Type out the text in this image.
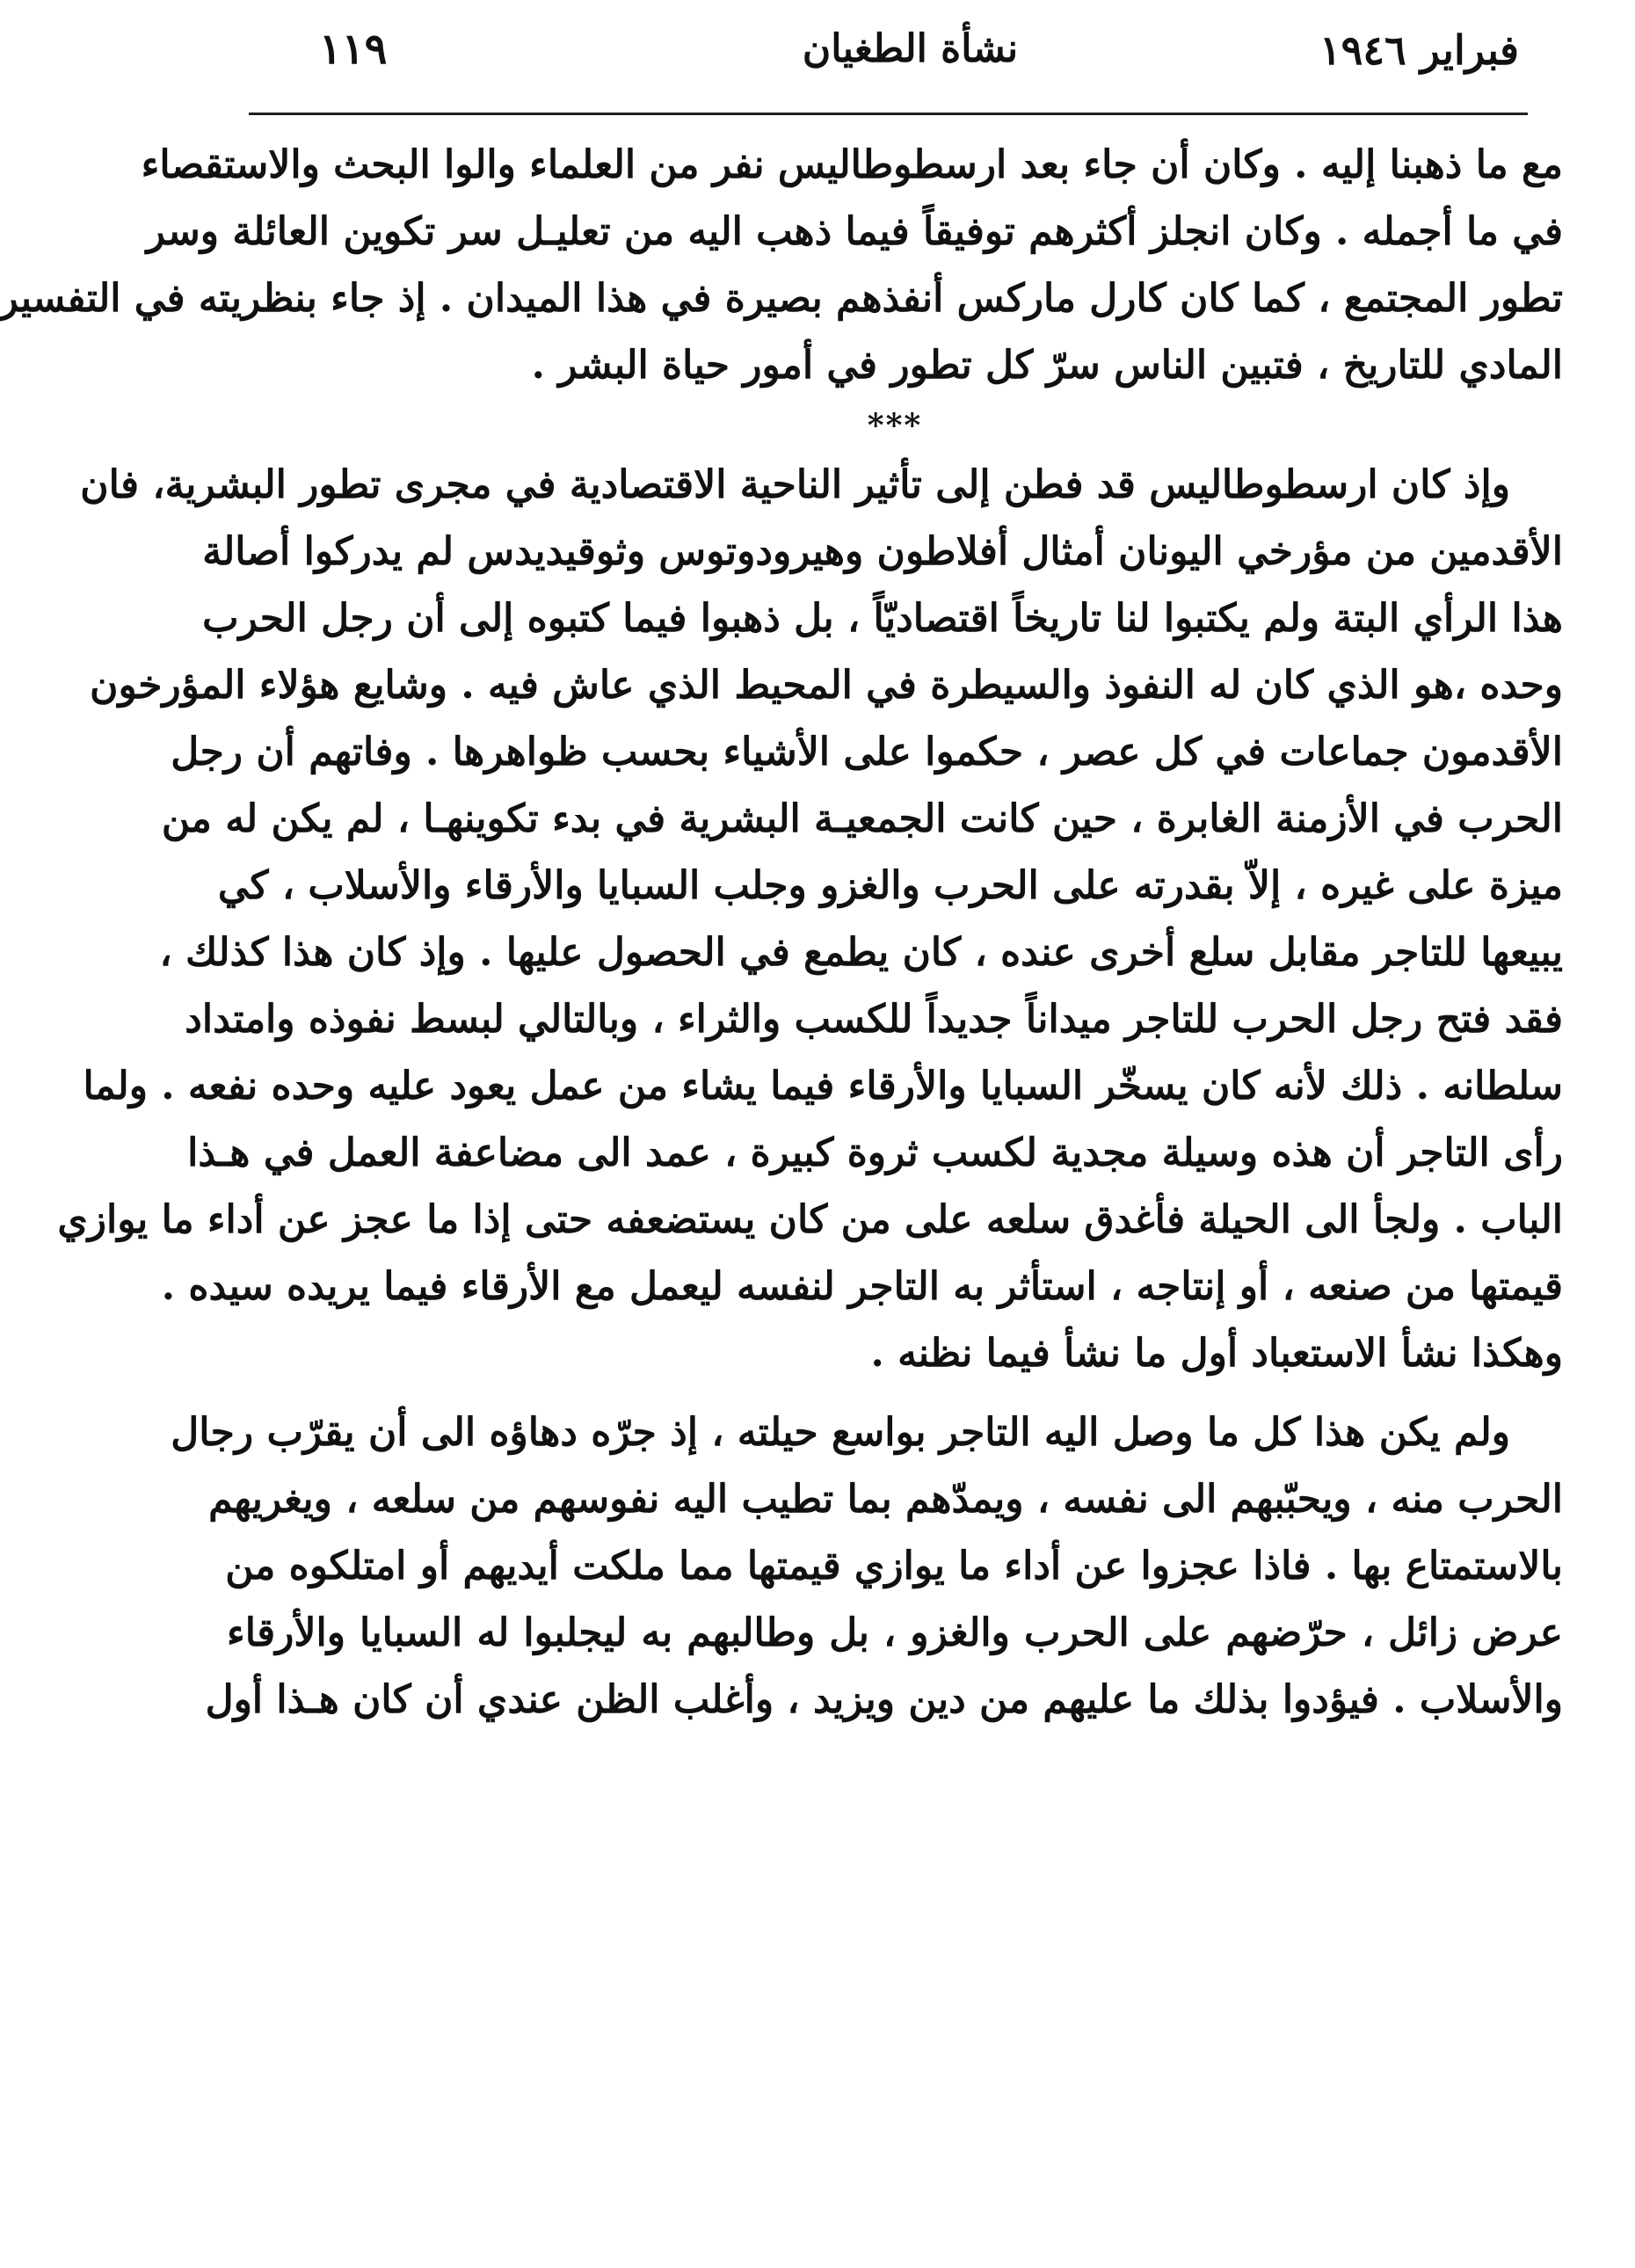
١١٩	نشأة الطغيان	فبراير ١٩٤٦
مع ما ذهبنا إليه . وكان أن جاء بعد ارسطوطاليس نفر من العلماء والوا البحث والاستقصاء
في ما أجمله . وكان انجلز أكثرهم توفيقاً فيما ذهب اليه من تعليـل سر تكوين العائلة وسر
تطور المجتمع ، كما كان كارل ماركس أنفذهم بصيرة في هذا الميدان . إذ جاء بنظريته في التفسير
المادي للتاريخ ، فتبين الناس سرّ كل تطور في أمور حياة البشر .
***
وإذ كان ارسطوطاليس قد فطن إلى تأثير الناحية الاقتصادية في مجرى تطور البشرية، فان
الأقدمين من مؤرخي اليونان أمثال أفلاطون وهيرودوتوس وثوقيديدس لم يدركوا أصالة
هذا الرأي البتة ولم يكتبوا لنا تاريخاً اقتصاديّاً ، بل ذهبوا فيما كتبوه إلى أن رجل الحرب
وحده ،هو الذي كان له النفوذ والسيطرة في المحيط الذي عاش فيه . وشايع هؤلاء المؤرخون
الأقدمون جماعات في كل عصر ، حكموا على الأشياء بحسب ظواهرها . وفاتهم أن رجل
الحرب في الأزمنة الغابرة ، حين كانت الجمعيـة البشرية في بدء تكوينهـا ، لم يكن له من
ميزة على غيره ، إلاّ بقدرته على الحرب والغزو وجلب السبايا والأرقاء والأسلاب ، كي
يبيعها للتاجر مقابل سلع أخرى عنده ، كان يطمع في الحصول عليها . وإذ كان هذا كذلك ،
فقد فتح رجل الحرب للتاجر ميداناً جديداً للكسب والثراء ، وبالتالي لبسط نفوذه وامتداد
سلطانه . ذلك لأنه كان يسخّر السبايا والأرقاء فيما يشاء من عمل يعود عليه وحده نفعه . ولما
رأى التاجر أن هذه وسيلة مجدية لكسب ثروة كبيرة ، عمد الى مضاعفة العمل في هـذا
الباب . ولجأ الى الحيلة فأغدق سلعه على من كان يستضعفه حتى إذا ما عجز عن أداء ما يوازي
قيمتها من صنعه ، أو إنتاجه ، استأثر به التاجر لنفسه ليعمل مع الأرقاء فيما يريده سيده .
وهكذا نشأ الاستعباد أول ما نشأ فيما نظنه .
ولم يكن هذا كل ما وصل اليه التاجر بواسع حيلته ، إذ جرّه دهاؤه الى أن يقرّب رجال
الحرب منه ، ويحبّبهم الى نفسه ، ويمدّهم بما تطيب اليه نفوسهم من سلعه ، ويغريهم
بالاستمتاع بها . فاذا عجزوا عن أداء ما يوازي قيمتها مما ملكت أيديهم أو امتلكوه من
عرض زائل ، حرّضهم على الحرب والغزو ، بل وطالبهم به ليجلبوا له السبايا والأرقاء
والأسلاب . فيؤدوا بذلك ما عليهم من دين ويزيد ، وأغلب الظن عندي أن كان هـذا أول
